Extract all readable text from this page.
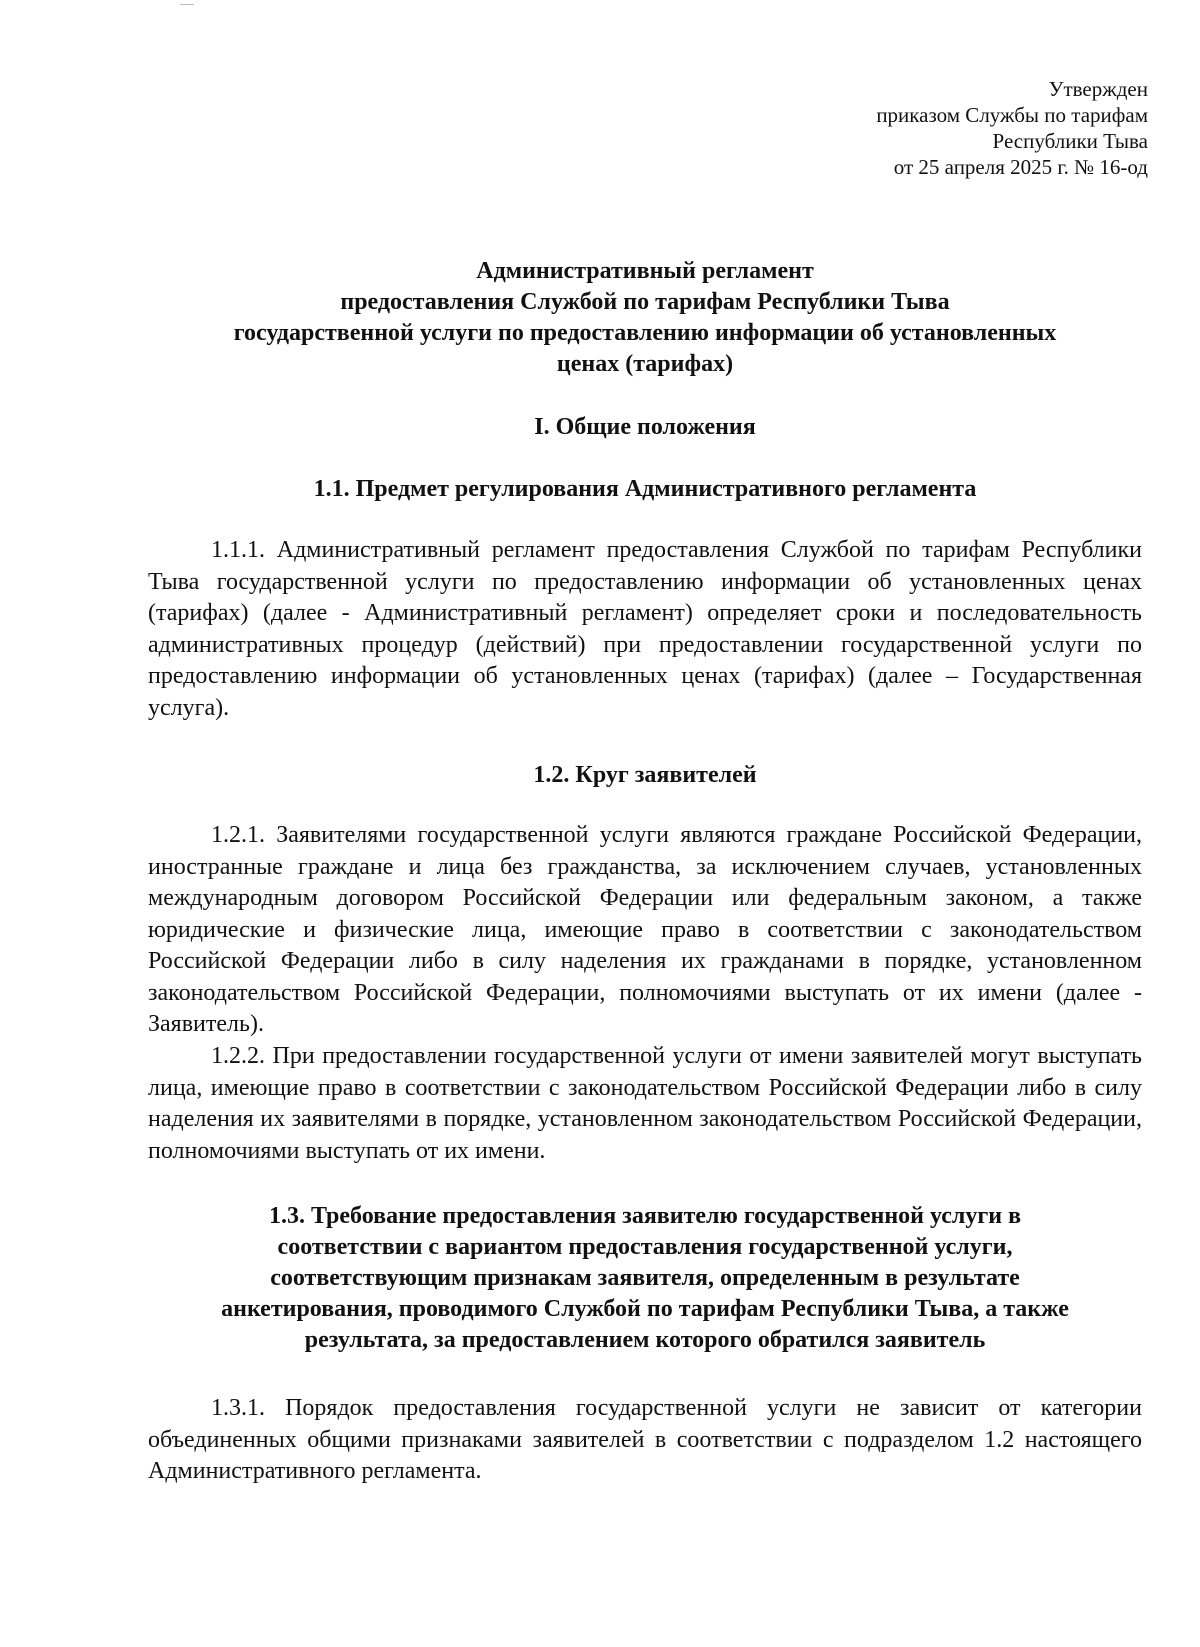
Утвержден
приказом Службы по тарифам
Республики Тыва
от 25 апреля 2025 г. № 16-од
Административный регламент
предоставления Службой по тарифам Республики Тыва
государственной услуги по предоставлению информации об установленных
ценах (тарифах)
I. Общие положения
1.1. Предмет регулирования Административного регламента

1.1.1. Административный регламент предоставления Службой по тарифам Республики Тыва государственной услуги по предоставлению информации об установленных ценах (тарифах) (далее - Административный регламент) определяет сроки и последовательность административных процедур (действий) при предоставлении государственной услуги по предоставлению информации об установленных ценах (тарифах) (далее – Государственная услуга).

1.2. Круг заявителей

1.2.1. Заявителями государственной услуги являются граждане Российской Федерации, иностранные граждане и лица без гражданства, за исключением случаев, установленных международным договором Российской Федерации или федеральным законом, а также юридические и физические лица, имеющие право в соответствии с законодательством Российской Федерации либо в силу наделения их гражданами в порядке, установленном законодательством Российской Федерации, полномочиями выступать от их имени (далее - Заявитель).

1.2.2. При предоставлении государственной услуги от имени заявителей могут выступать лица, имеющие право в соответствии с законодательством Российской Федерации либо в силу наделения их заявителями в порядке, установленном законодательством Российской Федерации, полномочиями выступать от их имени.

1.3. Требование предоставления заявителю государственной услуги в
соответствии с вариантом предоставления государственной услуги,
соответствующим признакам заявителя, определенным в результате
анкетирования, проводимого Службой по тарифам Республики Тыва, а также
результата, за предоставлением которого обратился заявитель

1.3.1. Порядок предоставления государственной услуги не зависит от категории объединенных общими признаками заявителей в соответствии с подразделом 1.2 настоящего Административного регламента.
